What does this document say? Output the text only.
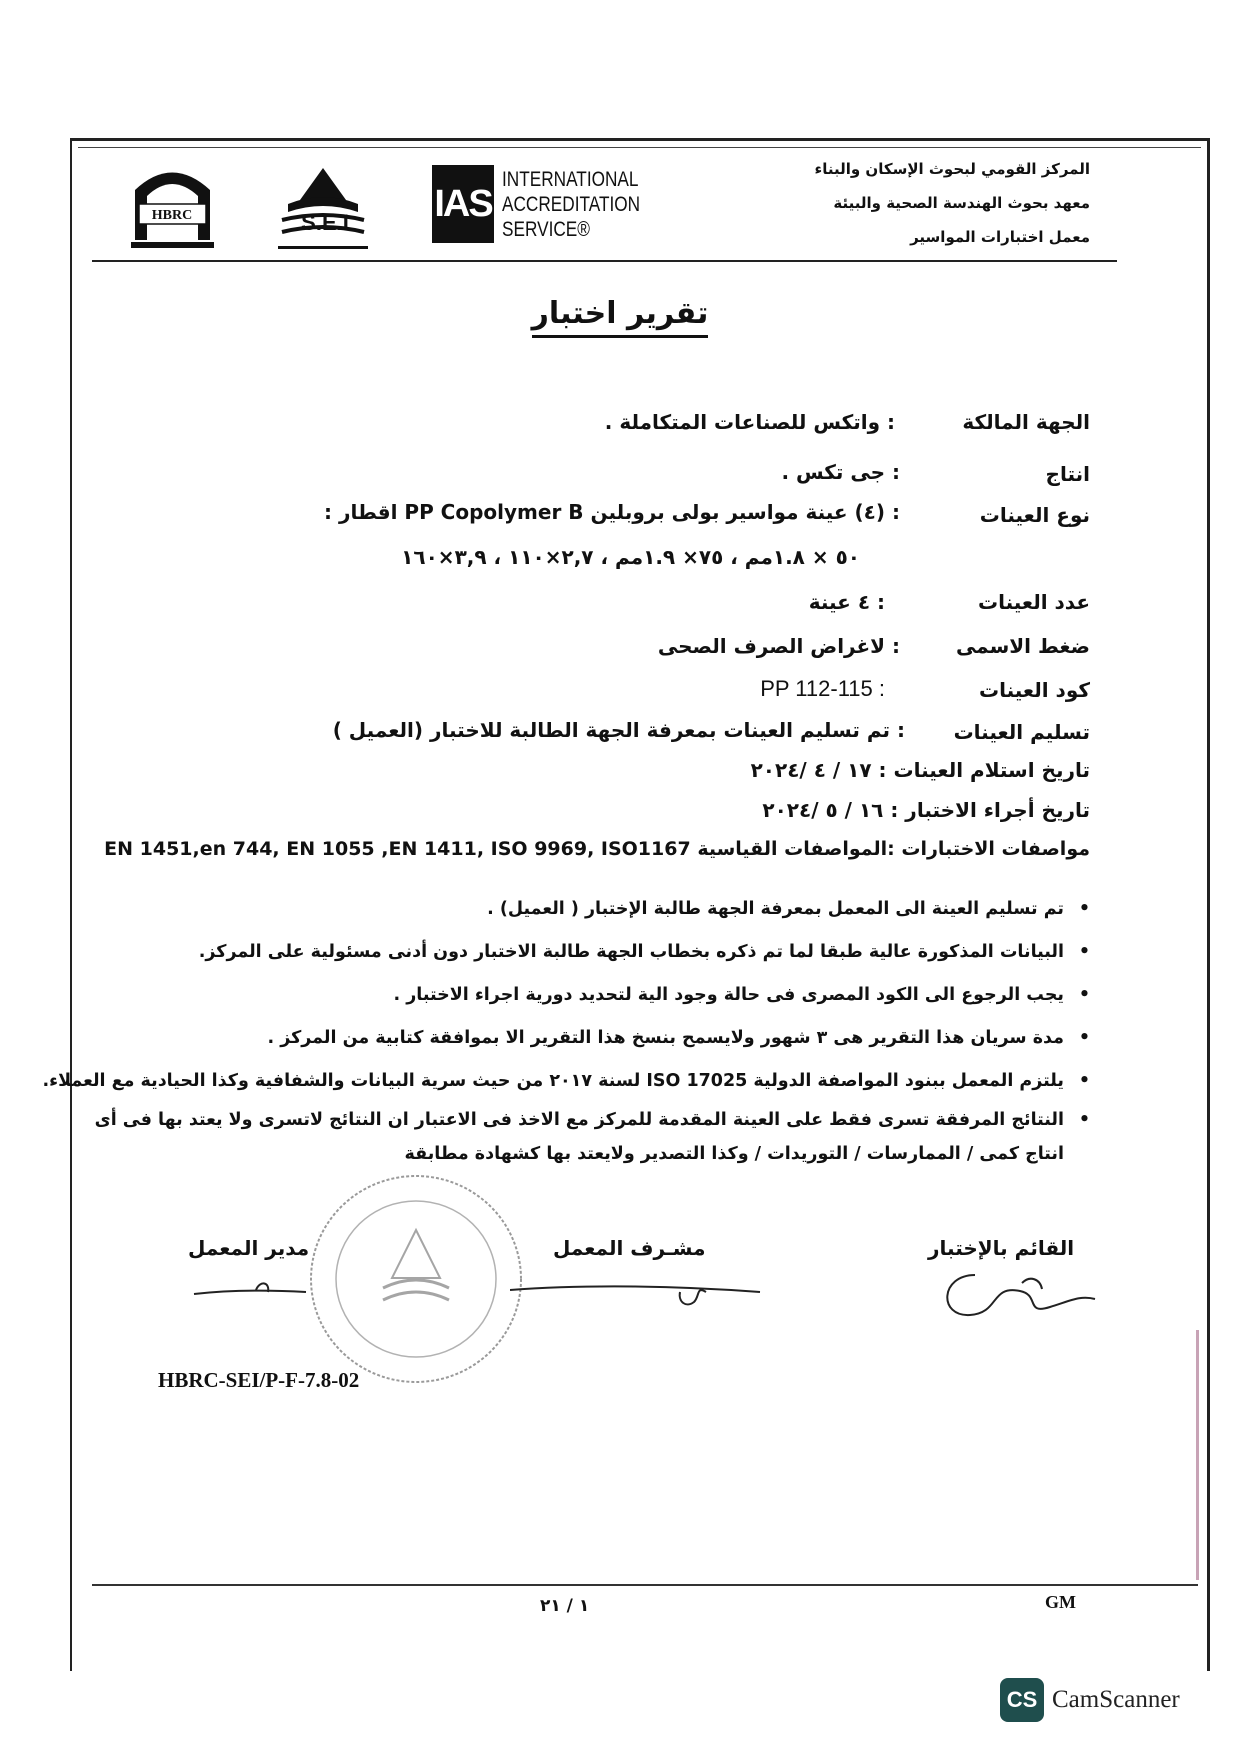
المركز القومي لبحوث الإسكان والبناء
معهد بحوث الهندسة الصحية والبيئة
معمل اختبارات المواسير
IAS
INTERNATIONAL
ACCREDITATION
SERVICE®
S.E.I
HBRC
تقرير اختبار
الجهة المالكة
: واتكس للصناعات المتكاملة .
انتاج
: جى تكس .
نوع العينات
: (٤) عينة مواسير بولى بروبلين PP Copolymer B اقطار :
٥٠ × ١.٨مم ، ٧٥× ١.٩مم ، ٢,٧×١١٠ ، ٣,٩×١٦٠
عدد العينات
: ٤ عينة
ضغط الاسمى
: لاغراض الصرف الصحى
كود العينات
PP 112-115 :
تسليم العينات
: تم تسليم العينات بمعرفة الجهة الطالبة للاختبار (العميل )
تاريخ استلام العينات : ١٧ / ٤ /٢٠٢٤
تاريخ أجراء الاختبار : ١٦ / ٥ /٢٠٢٤
مواصفات الاختبارات :المواصفات القياسية EN 1451,en 744, EN 1055 ,EN 1411, ISO 9969, ISO1167
• تم تسليم العينة الى المعمل بمعرفة الجهة طالبة الإختبار ( العميل) .
• البيانات المذكورة عالية طبقا لما تم ذكره بخطاب الجهة طالبة الاختبار دون أدنى مسئولية على المركز.
• يجب الرجوع الى الكود المصرى فى حالة وجود الية لتحديد دورية اجراء الاختبار .
• مدة سريان هذا التقرير هى ٣ شهور ولايسمح بنسخ هذا التقرير الا بموافقة كتابية من المركز .
• يلتزم المعمل ببنود المواصفة الدولية ISO 17025 لسنة ٢٠١٧ من حيث سرية البيانات والشفافية وكذا الحيادية مع العملاء.
• النتائج المرفقة تسرى فقط على العينة المقدمة للمركز مع الاخذ فى الاعتبار ان النتائج لاتسرى ولا يعتد بها فى أى انتاج كمى / الممارسات / التوريدات / وكذا التصدير ولايعتد بها كشهادة مطابقة
القائم بالإختبار
مشـرف المعمل
مدير المعمل
HBRC-SEI/P-F-7.8-02
GM
١ / ٢١
CS CamScanner
